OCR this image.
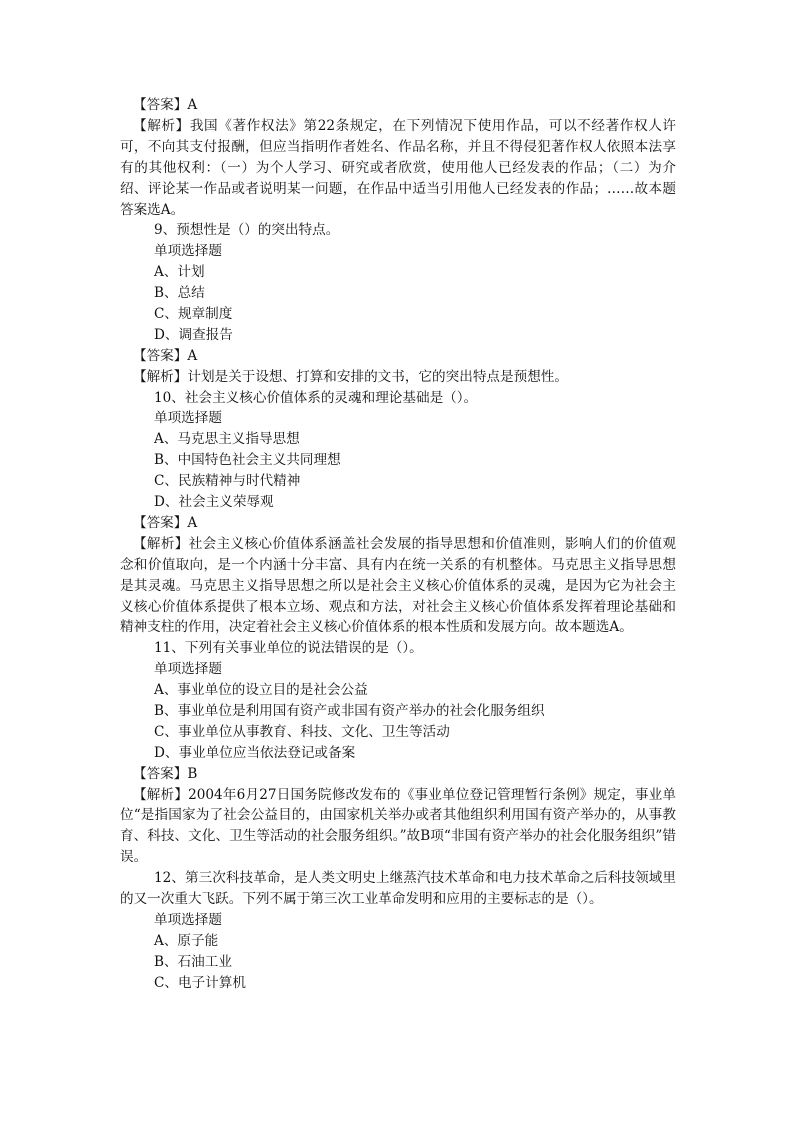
【答案】A
【解析】我国《著作权法》第22条规定，在下列情况下使用作品，可以不经著作权人许可，不向其支付报酬，但应当指明作者姓名、作品名称，并且不得侵犯著作权人依照本法享有的其他权利：（一）为个人学习、研究或者欣赏，使用他人已经发表的作品；（二）为介绍、评论某一作品或者说明某一问题，在作品中适当引用他人已经发表的作品；……故本题答案选A。
9、预想性是（）的突出特点。
单项选择题
A、计划
B、总结
C、规章制度
D、调查报告
【答案】A
【解析】计划是关于设想、打算和安排的文书，它的突出特点是预想性。
10、社会主义核心价值体系的灵魂和理论基础是（）。
单项选择题
A、马克思主义指导思想
B、中国特色社会主义共同理想
C、民族精神与时代精神
D、社会主义荣辱观
【答案】A
【解析】社会主义核心价值体系涵盖社会发展的指导思想和价值准则，影响人们的价值观念和价值取向，是一个内涵十分丰富、具有内在统一关系的有机整体。马克思主义指导思想是其灵魂。马克思主义指导思想之所以是社会主义核心价值体系的灵魂，是因为它为社会主义核心价值体系提供了根本立场、观点和方法，对社会主义核心价值体系发挥着理论基础和精神支柱的作用，决定着社会主义核心价值体系的根本性质和发展方向。故本题选A。
11、下列有关事业单位的说法错误的是（）。
单项选择题
A、事业单位的设立目的是社会公益
B、事业单位是利用国有资产或非国有资产举办的社会化服务组织
C、事业单位从事教育、科技、文化、卫生等活动
D、事业单位应当依法登记或备案
【答案】B
【解析】2004年6月27日国务院修改发布的《事业单位登记管理暂行条例》规定，事业单位“是指国家为了社会公益目的，由国家机关举办或者其他组织利用国有资产举办的，从事教育、科技、文化、卫生等活动的社会服务组织。”故B项“非国有资产举办的社会化服务组织”错误。
12、第三次科技革命，是人类文明史上继蒸汽技术革命和电力技术革命之后科技领域里的又一次重大飞跃。下列不属于第三次工业革命发明和应用的主要标志的是（）。
单项选择题
A、原子能
B、石油工业
C、电子计算机
